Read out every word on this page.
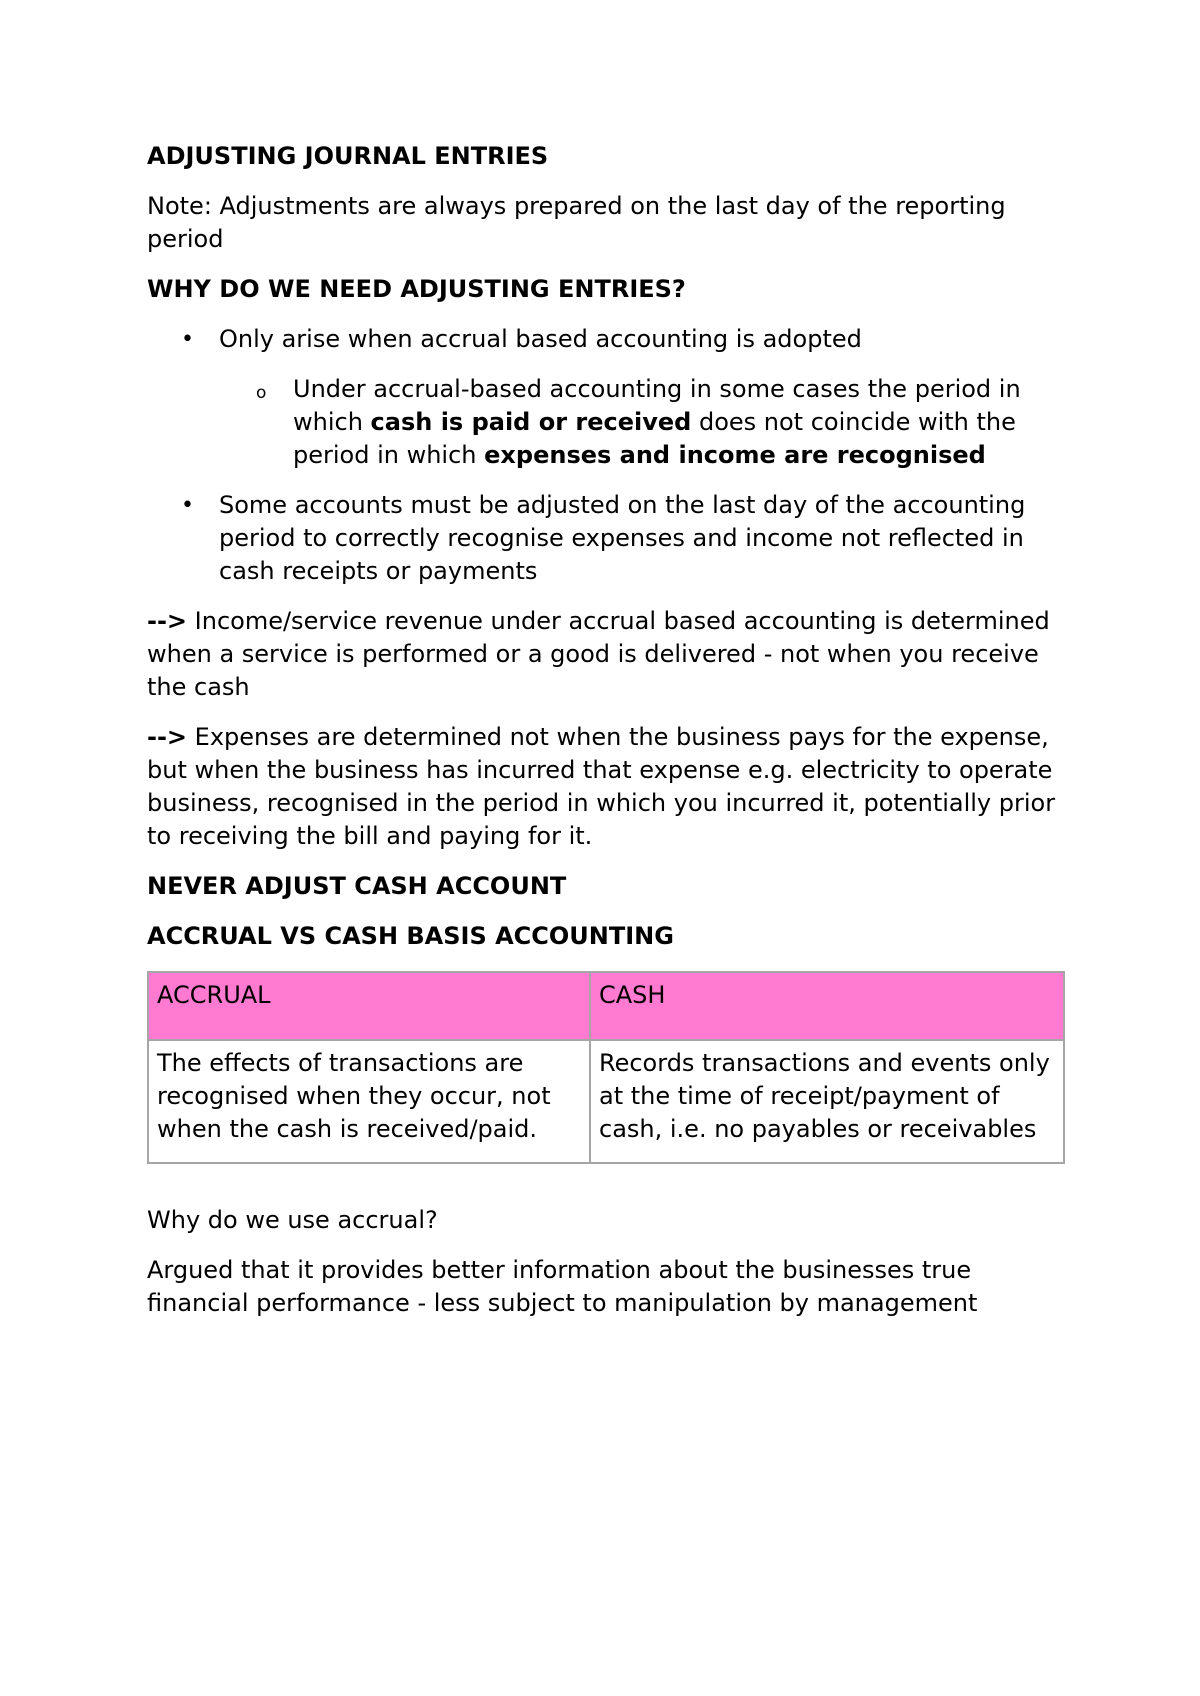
ADJUSTING JOURNAL ENTRIES

Note: Adjustments are always prepared on the last day of the reporting period

WHY DO WE NEED ADJUSTING ENTRIES?

• Only arise when accrual based accounting is adopted
o Under accrual-based accounting in some cases the period in which cash is paid or received does not coincide with the period in which expenses and income are recognised
• Some accounts must be adjusted on the last day of the accounting period to correctly recognise expenses and income not reflected in cash receipts or payments

--> Income/service revenue under accrual based accounting is determined when a service is performed or a good is delivered - not when you receive the cash

--> Expenses are determined not when the business pays for the expense, but when the business has incurred that expense e.g. electricity to operate business, recognised in the period in which you incurred it, potentially prior to receiving the bill and paying for it.

NEVER ADJUST CASH ACCOUNT

ACCRUAL VS CASH BASIS ACCOUNTING

ACCRUAL	CASH
The effects of transactions are recognised when they occur, not when the cash is received/paid.	Records transactions and events only at the time of receipt/payment of cash, i.e. no payables or receivables

Why do we use accrual?

Argued that it provides better information about the businesses true financial performance - less subject to manipulation by management
